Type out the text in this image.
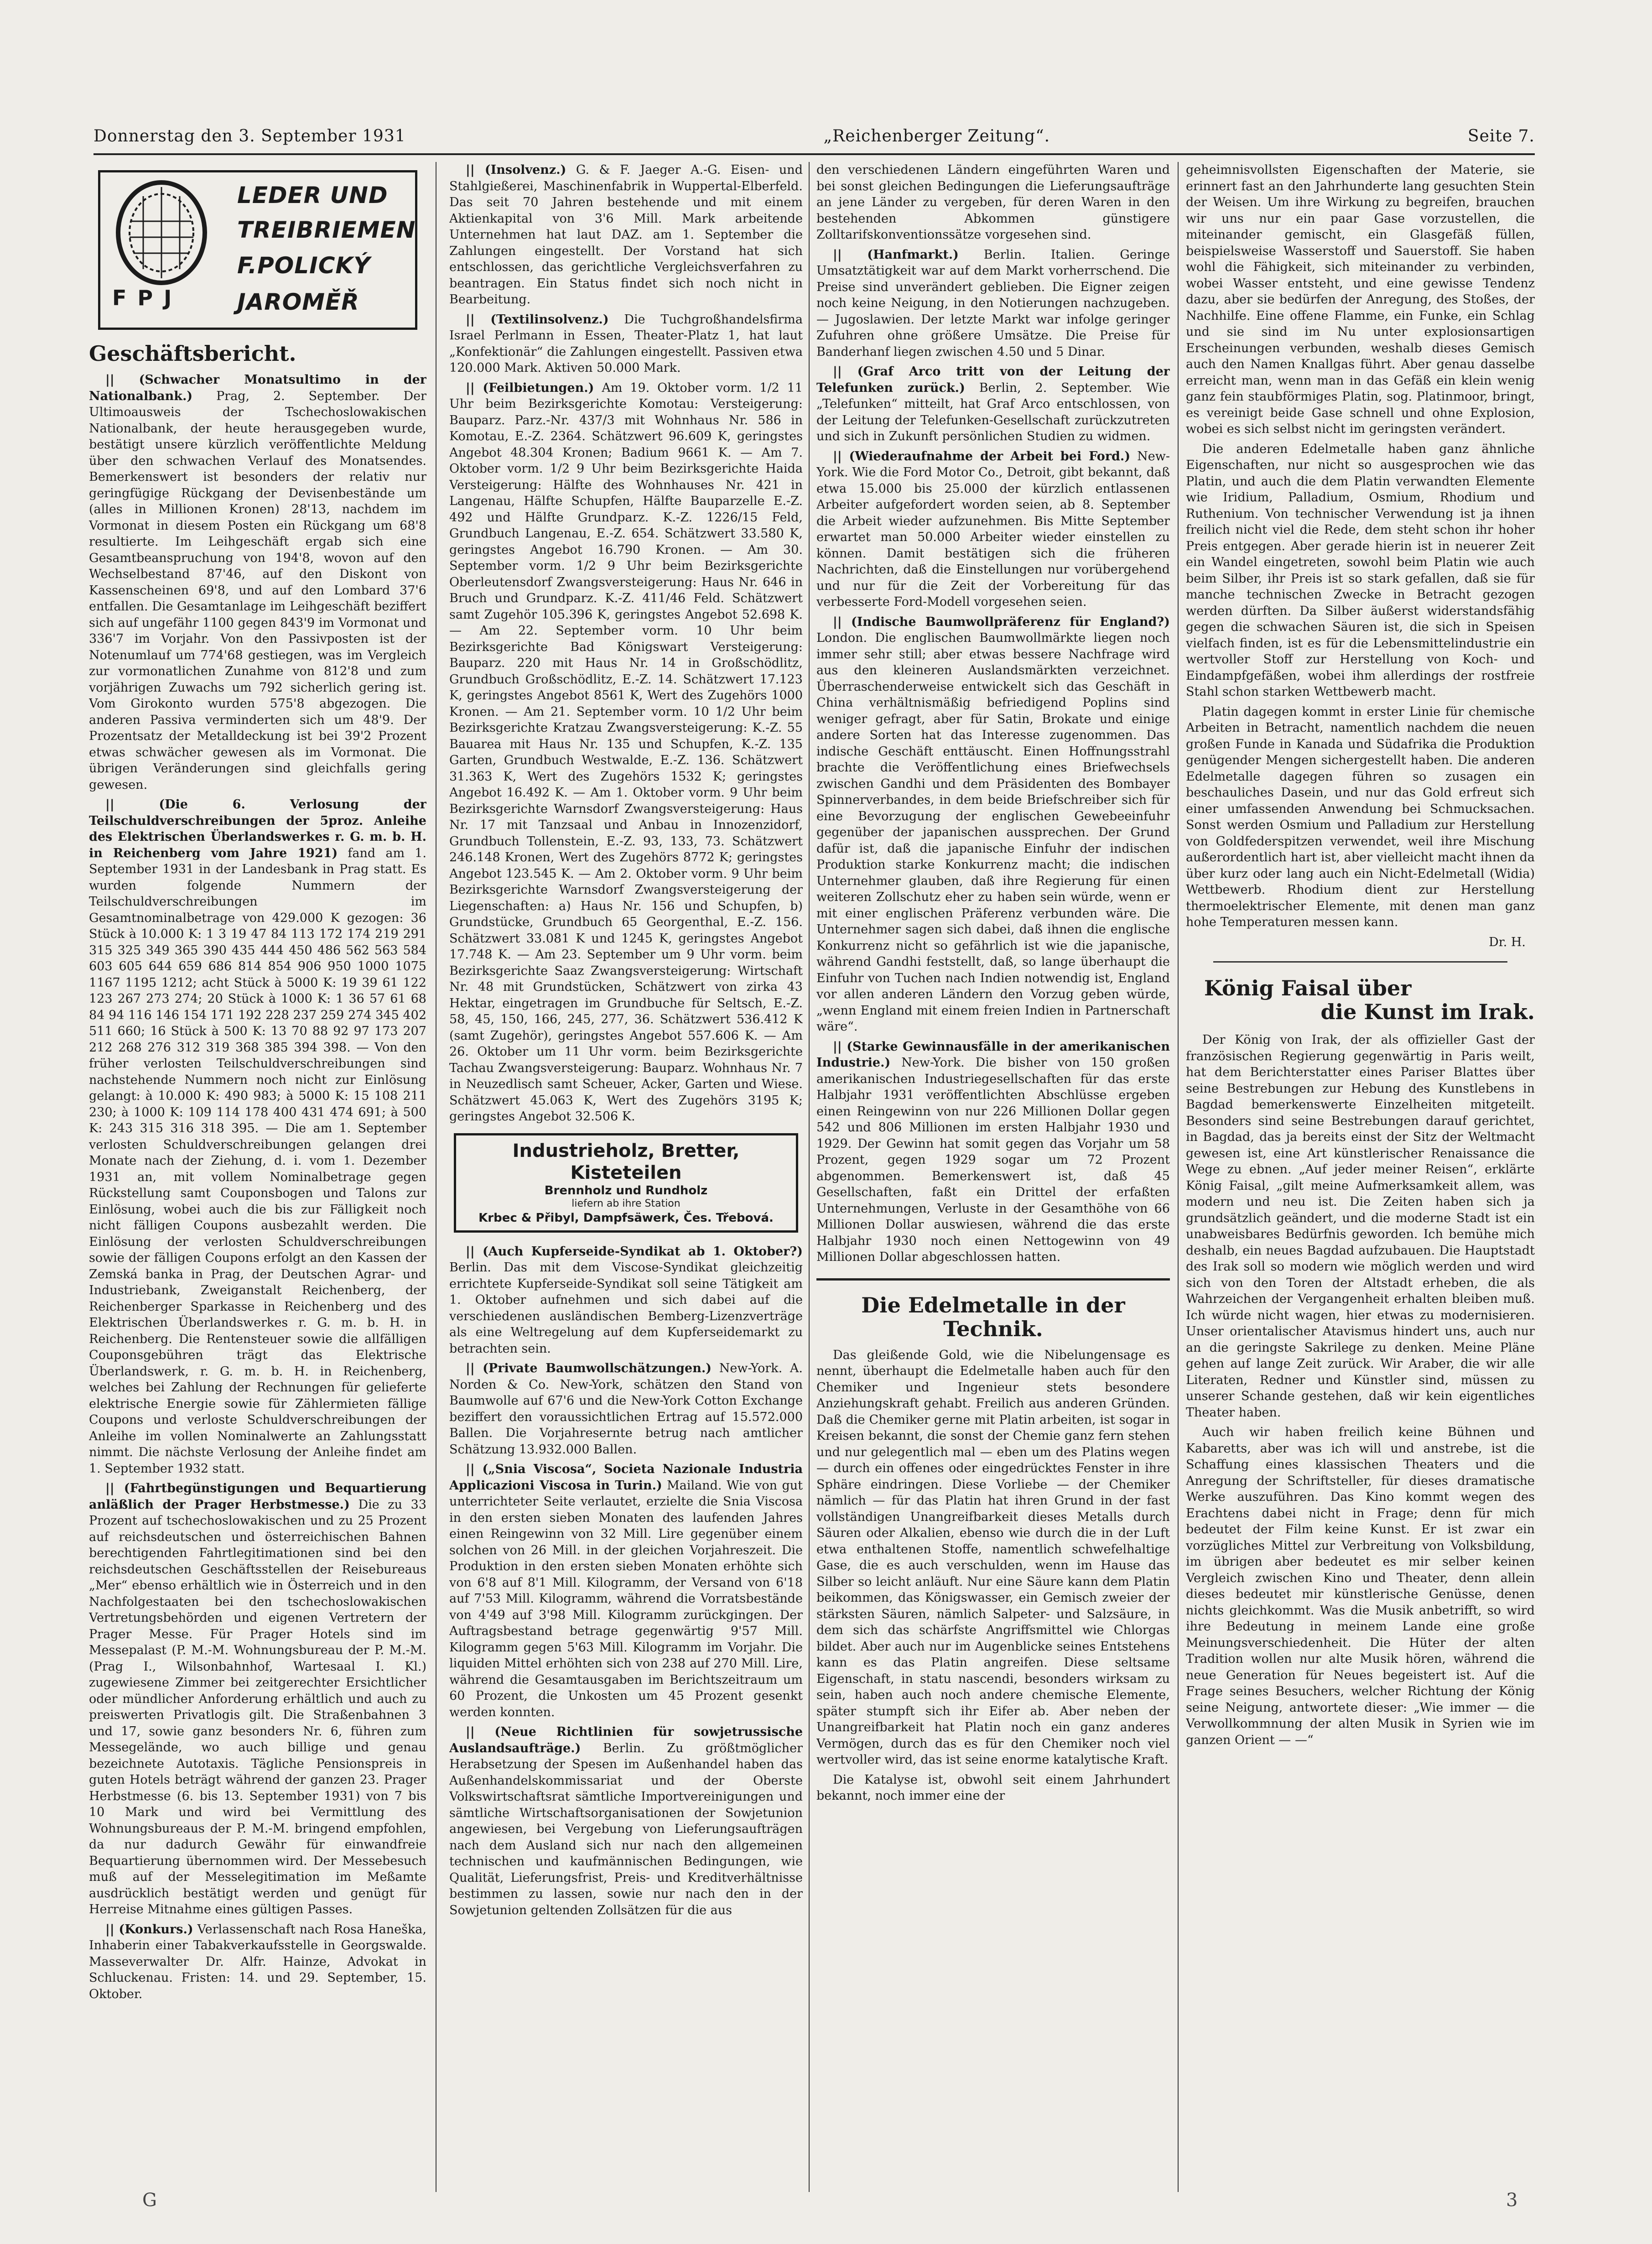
Donnerstag den 3. September 1931	„Reichenberger Zeitung“.	Seite 7.
LEDER UND
TREIBRIEMEN
F.POLICKÝ
JAROMĚŘ
FPJ
Geschäftsbericht.

|| (Schwacher Monatsultimo in der Nationalbank.) Prag, 2. September. Der Ultimoausweis der Tschechoslowakischen Nationalbank, der heute herausgegeben wurde, bestätigt unsere kürzlich veröffentlichte Meldung über den schwachen Verlauf des Monatsendes. Bemerkenswert ist besonders der relativ nur geringfügige Rückgang der Devisenbestände um (alles in Millionen Kronen) 28'13, nachdem im Vormonat in diesem Posten ein Rückgang um 68'8 resultierte. Im Leihgeschäft ergab sich eine Gesamtbeanspruchung von 194'8, wovon auf den Wechselbestand 87'46, auf den Diskont von Kassenscheinen 69'8, und auf den Lombard 37'6 entfallen. Die Gesamtanlage im Leihgeschäft beziffert sich auf ungefähr 1100 gegen 843'9 im Vormonat und 336'7 im Vorjahr. Von den Passivposten ist der Notenumlauf um 774'68 gestiegen, was im Vergleich zur vormonatlichen Zunahme von 812'8 und zum vorjährigen Zuwachs um 792 sicherlich gering ist. Vom Girokonto wurden 575'8 abgezogen. Die anderen Passiva verminderten sich um 48'9. Der Prozentsatz der Metalldeckung ist bei 39'2 Prozent etwas schwächer gewesen als im Vormonat. Die übrigen Veränderungen sind gleichfalls gering gewesen.

|| (Die 6. Verlosung der Teilschuldverschreibungen der 5proz. Anleihe des Elektrischen Überlandswerkes r. G. m. b. H. in Reichenberg vom Jahre 1921) fand am 1. September 1931 in der Landesbank in Prag statt. Es wurden folgende Nummern der Teilschuldverschreibungen im Gesamtnominalbetrage von 429.000 K gezogen: 36 Stück à 10.000 K: 1 3 19 47 84 113 172 174 219 291 315 325 349 365 390 435 444 450 486 562 563 584 603 605 644 659 686 814 854 906 950 1000 1075 1167 1195 1212; acht Stück à 5000 K: 19 39 61 122 123 267 273 274; 20 Stück à 1000 K: 1 36 57 61 68 84 94 116 146 154 171 192 228 237 259 274 345 402 511 660; 16 Stück à 500 K: 13 70 88 92 97 173 207 212 268 276 312 319 368 385 394 398. — Von den früher verlosten Teilschuldverschreibungen sind nachstehende Nummern noch nicht zur Einlösung gelangt: à 10.000 K: 490 983; à 5000 K: 15 108 211 230; à 1000 K: 109 114 178 400 431 474 691; à 500 K: 243 315 316 318 395. — Die am 1. September verlosten Schuldverschreibungen gelangen drei Monate nach der Ziehung, d. i. vom 1. Dezember 1931 an, mit vollem Nominalbetrage gegen Rückstellung samt Couponsbogen und Talons zur Einlösung, wobei auch die bis zur Fälligkeit noch nicht fälligen Coupons ausbezahlt werden. Die Einlösung der verlosten Schuldverschreibungen sowie der fälligen Coupons erfolgt an den Kassen der Zemská banka in Prag, der Deutschen Agrar- und Industriebank, Zweiganstalt Reichenberg, der Reichenberger Sparkasse in Reichenberg und des Elektrischen Überlandswerkes r. G. m. b. H. in Reichenberg. Die Rentensteuer sowie die allfälligen Couponsgebühren trägt das Elektrische Überlandswerk, r. G. m. b. H. in Reichenberg, welches bei Zahlung der Rechnungen für gelieferte elektrische Energie sowie für Zählermieten fällige Coupons und verloste Schuldverschreibungen der Anleihe im vollen Nominalwerte an Zahlungsstatt nimmt. Die nächste Verlosung der Anleihe findet am 1. September 1932 statt.

|| (Fahrtbegünstigungen und Bequartierung anläßlich der Prager Herbstmesse.) Die zu 33 Prozent auf tschechoslowakischen und zu 25 Prozent auf reichsdeutschen und österreichischen Bahnen berechtigenden Fahrtlegitimationen sind bei den reichsdeutschen Geschäftsstellen der Reisebureaus „Mer“ ebenso erhältlich wie in Österreich und in den Nachfolgestaaten bei den tschechoslowakischen Vertretungsbehörden und eigenen Vertretern der Prager Messe. Für Prager Hotels sind im Messepalast (P. M.-M. Wohnungsbureau der P. M.-M. (Prag I., Wilsonbahnhof, Wartesaal I. Kl.) zugewiesene Zimmer bei zeitgerechter Ersichtlicher oder mündlicher Anforderung erhältlich und auch zu preiswerten Privatlogis gilt. Die Straßenbahnen 3 und 17, sowie ganz besonders Nr. 6, führen zum Messegelände, wo auch billige und genau bezeichnete Autotaxis. Tägliche Pensionspreis in guten Hotels beträgt während der ganzen 23. Prager Herbstmesse (6. bis 13. September 1931) von 7 bis 10 Mark und wird bei Vermittlung des Wohnungsbureaus der P. M.-M. bringend empfohlen, da nur dadurch Gewähr für einwandfreie Bequartierung übernommen wird. Der Messebesuch muß auf der Messelegitimation im Meßamte ausdrücklich bestätigt werden und genügt für Herreise Mitnahme eines gültigen Passes.

|| (Konkurs.) Verlassenschaft nach Rosa Haneška, Inhaberin einer Tabakverkaufsstelle in Georgswalde. Masseverwalter Dr. Alfr. Hainze, Advokat in Schluckenau. Fristen: 14. und 29. September, 15. Oktober.

|| (Insolvenz.) G. & F. Jaeger A.-G. Eisen- und Stahlgießerei, Maschinenfabrik in Wuppertal-Elberfeld. Das seit 70 Jahren bestehende und mit einem Aktienkapital von 3'6 Mill. Mark arbeitende Unternehmen hat laut DAZ. am 1. September die Zahlungen eingestellt. Der Vorstand hat sich entschlossen, das gerichtliche Vergleichsverfahren zu beantragen. Ein Status findet sich noch nicht in Bearbeitung.

|| (Textilinsolvenz.) Die Tuchgroßhandelsfirma Israel Perlmann in Essen, Theater-Platz 1, hat laut „Konfektionär“ die Zahlungen eingestellt. Passiven etwa 120.000 Mark. Aktiven 50.000 Mark.

|| (Feilbietungen.) Am 19. Oktober vorm. 1/2 11 Uhr beim Bezirksgerichte Komotau: Versteigerung: Bauparz. Parz.-Nr. 437/3 mit Wohnhaus Nr. 586 in Komotau, E.-Z. 2364. Schätzwert 96.609 K, geringstes Angebot 48.304 Kronen; Badium 9661 K. — Am 7. Oktober vorm. 1/2 9 Uhr beim Bezirksgerichte Haida Versteigerung: Hälfte des Wohnhauses Nr. 421 in Langenau, Hälfte Schupfen, Hälfte Bauparzelle E.-Z. 492 und Hälfte Grundparz. K.-Z. 1226/15 Feld, Grundbuch Langenau, E.-Z. 654. Schätzwert 33.580 K, geringstes Angebot 16.790 Kronen. — Am 30. September vorm. 1/2 9 Uhr beim Bezirksgerichte Oberleutensdorf Zwangsversteigerung: Haus Nr. 646 in Bruch und Grundparz. K.-Z. 411/46 Feld. Schätzwert samt Zugehör 105.396 K, geringstes Angebot 52.698 K. — Am 22. September vorm. 10 Uhr beim Bezirksgerichte Bad Königswart Versteigerung: Bauparz. 220 mit Haus Nr. 14 in Großschödlitz, Grundbuch Großschödlitz, E.-Z. 14. Schätzwert 17.123 K, geringstes Angebot 8561 K, Wert des Zugehörs 1000 Kronen. — Am 21. September vorm. 10 1/2 Uhr beim Bezirksgerichte Kratzau Zwangsversteigerung: K.-Z. 55 Bauarea mit Haus Nr. 135 und Schupfen, K.-Z. 135 Garten, Grundbuch Westwalde, E.-Z. 136. Schätzwert 31.363 K, Wert des Zugehörs 1532 K; geringstes Angebot 16.492 K. — Am 1. Oktober vorm. 9 Uhr beim Bezirksgerichte Warnsdorf Zwangsversteigerung: Haus Nr. 17 mit Tanzsaal und Anbau in Innozenzidorf, Grundbuch Tollenstein, E.-Z. 93, 133, 73. Schätzwert 246.148 Kronen, Wert des Zugehörs 8772 K; geringstes Angebot 123.545 K. — Am 2. Oktober vorm. 9 Uhr beim Bezirksgerichte Warnsdorf Zwangsversteigerung der Liegenschaften: a) Haus Nr. 156 und Schupfen, b) Grundstücke, Grundbuch 65 Georgenthal, E.-Z. 156. Schätzwert 33.081 K und 1245 K, geringstes Angebot 17.748 K. — Am 23. September um 9 Uhr vorm. beim Bezirksgerichte Saaz Zwangsversteigerung: Wirtschaft Nr. 48 mit Grundstücken, Schätzwert von zirka 43 Hektar, eingetragen im Grundbuche für Seltsch, E.-Z. 58, 45, 150, 166, 245, 277, 36. Schätzwert 536.412 K (samt Zugehör), geringstes Angebot 557.606 K. — Am 26. Oktober um 11 Uhr vorm. beim Bezirksgerichte Tachau Zwangsversteigerung: Bauparz. Wohnhaus Nr. 7 in Neuzedlisch samt Scheuer, Acker, Garten und Wiese. Schätzwert 45.063 K, Wert des Zugehörs 3195 K; geringstes Angebot 32.506 K.

Industrieholz, Bretter, Kisteteilen
Brennholz und Rundholz
liefern ab ihre Station
Krbec & Přibyl, Dampfsäwerk, Čes. Třebová.

|| (Auch Kupferseide-Syndikat ab 1. Oktober?) Berlin. Das mit dem Viscose-Syndikat gleichzeitig errichtete Kupferseide-Syndikat soll seine Tätigkeit am 1. Oktober aufnehmen und sich dabei auf die verschiedenen ausländischen Bemberg-Lizenzverträge als eine Weltregelung auf dem Kupferseidemarkt zu betrachten sein.

|| (Private Baumwollschätzungen.) New-York. A. Norden & Co. New-York, schätzen den Stand von Baumwolle auf 67'6 und die New-York Cotton Exchange beziffert den voraussichtlichen Ertrag auf 15.572.000 Ballen. Die Vorjahresernte betrug nach amtlicher Schätzung 13.932.000 Ballen.

|| („Snia Viscosa“, Societa Nazionale Industria Applicazioni Viscosa in Turin.) Mailand. Wie von gut unterrichteter Seite verlautet, erzielte die Snia Viscosa in den ersten sieben Monaten des laufenden Jahres einen Reingewinn von 32 Mill. Lire gegenüber einem solchen von 26 Mill. in der gleichen Vorjahreszeit. Die Produktion in den ersten sieben Monaten erhöhte sich von 6'8 auf 8'1 Mill. Kilogramm, der Versand von 6'18 auf 7'53 Mill. Kilogramm, während die Vorratsbestände von 4'49 auf 3'98 Mill. Kilogramm zurückgingen. Der Auftragsbestand betrage gegenwärtig 9'57 Mill. Kilogramm gegen 5'63 Mill. Kilogramm im Vorjahr. Die liquiden Mittel erhöhten sich von 238 auf 270 Mill. Lire, während die Gesamtausgaben im Berichtszeitraum um 60 Prozent, die Unkosten um 45 Prozent gesenkt werden konnten.

|| (Neue Richtlinien für sowjetrussische Auslandsaufträge.) Berlin. Zu größtmöglicher Herabsetzung der Spesen im Außenhandel haben das Außenhandelskommissariat und der Oberste Volkswirtschaftsrat sämtliche Importvereinigungen und sämtliche Wirtschaftsorganisationen der Sowjetunion angewiesen, bei Vergebung von Lieferungsaufträgen nach dem Ausland sich nur nach den allgemeinen technischen und kaufmännischen Bedingungen, wie Qualität, Lieferungsfrist, Preis- und Kreditverhältnisse bestimmen zu lassen, sowie nur nach den in der Sowjetunion geltenden Zollsätzen für die aus

den verschiedenen Ländern eingeführten Waren und bei sonst gleichen Bedingungen die Lieferungsaufträge an jene Länder zu vergeben, für deren Waren in den bestehenden Abkommen günstigere Zolltarifskonventionssätze vorgesehen sind.

|| (Hanfmarkt.) Berlin. Italien. Geringe Umsatztätigkeit war auf dem Markt vorherrschend. Die Preise sind unverändert geblieben. Die Eigner zeigen noch keine Neigung, in den Notierungen nachzugeben. — Jugoslawien. Der letzte Markt war infolge geringer Zufuhren ohne größere Umsätze. Die Preise für Banderhanf liegen zwischen 4.50 und 5 Dinar.

|| (Graf Arco tritt von der Leitung der Telefunken zurück.) Berlin, 2. September. Wie „Telefunken“ mitteilt, hat Graf Arco entschlossen, von der Leitung der Telefunken-Gesellschaft zurückzutreten und sich in Zukunft persönlichen Studien zu widmen.

|| (Wiederaufnahme der Arbeit bei Ford.) New-York. Wie die Ford Motor Co., Detroit, gibt bekannt, daß etwa 15.000 bis 25.000 der kürzlich entlassenen Arbeiter aufgefordert worden seien, ab 8. September die Arbeit wieder aufzunehmen. Bis Mitte September erwartet man 50.000 Arbeiter wieder einstellen zu können. Damit bestätigen sich die früheren Nachrichten, daß die Einstellungen nur vorübergehend und nur für die Zeit der Vorbereitung für das verbesserte Ford-Modell vorgesehen seien.

|| (Indische Baumwollpräferenz für England?) London. Die englischen Baumwollmärkte liegen noch immer sehr still; aber etwas bessere Nachfrage wird aus den kleineren Auslandsmärkten verzeichnet. Überraschenderweise entwickelt sich das Geschäft in China verhältnismäßig befriedigend Poplins sind weniger gefragt, aber für Satin, Brokate und einige andere Sorten hat das Interesse zugenommen. Das indische Geschäft enttäuscht. Einen Hoffnungsstrahl brachte die Veröffentlichung eines Briefwechsels zwischen Gandhi und dem Präsidenten des Bombayer Spinnerverbandes, in dem beide Briefschreiber sich für eine Bevorzugung der englischen Gewebeeinfuhr gegenüber der japanischen aussprechen. Der Grund dafür ist, daß die japanische Einfuhr der indischen Produktion starke Konkurrenz macht; die indischen Unternehmer glauben, daß ihre Regierung für einen weiteren Zollschutz eher zu haben sein würde, wenn er mit einer englischen Präferenz verbunden wäre. Die Unternehmer sagen sich dabei, daß ihnen die englische Konkurrenz nicht so gefährlich ist wie die japanische, während Gandhi feststellt, daß, so lange überhaupt die Einfuhr von Tuchen nach Indien notwendig ist, England vor allen anderen Ländern den Vorzug geben würde, „wenn England mit einem freien Indien in Partnerschaft wäre“.

|| (Starke Gewinnausfälle in der amerikanischen Industrie.) New-York. Die bisher von 150 großen amerikanischen Industriegesellschaften für das erste Halbjahr 1931 veröffentlichten Abschlüsse ergeben einen Reingewinn von nur 226 Millionen Dollar gegen 542 und 806 Millionen im ersten Halbjahr 1930 und 1929. Der Gewinn hat somit gegen das Vorjahr um 58 Prozent, gegen 1929 sogar um 72 Prozent abgenommen. Bemerkenswert ist, daß 45 Gesellschaften, faßt ein Drittel der erfaßten Unternehmungen, Verluste in der Gesamthöhe von 66 Millionen Dollar auswiesen, während die das erste Halbjahr 1930 noch einen Nettogewinn von 49 Millionen Dollar abgeschlossen hatten.

Die Edelmetalle in der Technik.

Das gleißende Gold, wie die Nibelungensage es nennt, überhaupt die Edelmetalle haben auch für den Chemiker und Ingenieur stets besondere Anziehungskraft gehabt. Freilich aus anderen Gründen. Daß die Chemiker gerne mit Platin arbeiten, ist sogar in Kreisen bekannt, die sonst der Chemie ganz fern stehen und nur gelegentlich mal — eben um des Platins wegen — durch ein offenes oder eingedrücktes Fenster in ihre Sphäre eindringen. Diese Vorliebe — der Chemiker nämlich — für das Platin hat ihren Grund in der fast vollständigen Unangreifbarkeit dieses Metalls durch Säuren oder Alkalien, ebenso wie durch die in der Luft etwa enthaltenen Stoffe, namentlich schwefelhaltige Gase, die es auch verschulden, wenn im Hause das Silber so leicht anläuft. Nur eine Säure kann dem Platin beikommen, das Königswasser, ein Gemisch zweier der stärksten Säuren, nämlich Salpeter- und Salzsäure, in dem sich das schärfste Angriffsmittel wie Chlorgas bildet. Aber auch nur im Augenblicke seines Entstehens kann es das Platin angreifen. Diese seltsame Eigenschaft, in statu nascendi, besonders wirksam zu sein, haben auch noch andere chemische Elemente, später stumpft sich ihr Eifer ab. Aber neben der Unangreifbarkeit hat Platin noch ein ganz anderes Vermögen, durch das es für den Chemiker noch viel wertvoller wird, das ist seine enorme katalytische Kraft.

Die Katalyse ist, obwohl seit einem Jahrhundert bekannt, noch immer eine der

geheimnisvollsten Eigenschaften der Materie, sie erinnert fast an den Jahrhunderte lang gesuchten Stein der Weisen. Um ihre Wirkung zu begreifen, brauchen wir uns nur ein paar Gase vorzustellen, die miteinander gemischt, ein Glasgefäß füllen, beispielsweise Wasserstoff und Sauerstoff. Sie haben wohl die Fähigkeit, sich miteinander zu verbinden, wobei Wasser entsteht, und eine gewisse Tendenz dazu, aber sie bedürfen der Anregung, des Stoßes, der Nachhilfe. Eine offene Flamme, ein Funke, ein Schlag und sie sind im Nu unter explosionsartigen Erscheinungen verbunden, weshalb dieses Gemisch auch den Namen Knallgas führt. Aber genau dasselbe erreicht man, wenn man in das Gefäß ein klein wenig ganz fein staubförmiges Platin, sog. Platinmoor, bringt, es vereinigt beide Gase schnell und ohne Explosion, wobei es sich selbst nicht im geringsten verändert.

Die anderen Edelmetalle haben ganz ähnliche Eigenschaften, nur nicht so ausgesprochen wie das Platin, und auch die dem Platin verwandten Elemente wie Iridium, Palladium, Osmium, Rhodium und Ruthenium. Von technischer Verwendung ist ja ihnen freilich nicht viel die Rede, dem steht schon ihr hoher Preis entgegen. Aber gerade hierin ist in neuerer Zeit ein Wandel eingetreten, sowohl beim Platin wie auch beim Silber, ihr Preis ist so stark gefallen, daß sie für manche technischen Zwecke in Betracht gezogen werden dürften. Da Silber äußerst widerstandsfähig gegen die schwachen Säuren ist, die sich in Speisen vielfach finden, ist es für die Lebensmittelindustrie ein wertvoller Stoff zur Herstellung von Koch- und Eindampfgefäßen, wobei ihm allerdings der rostfreie Stahl schon starken Wettbewerb macht.

Platin dagegen kommt in erster Linie für chemische Arbeiten in Betracht, namentlich nachdem die neuen großen Funde in Kanada und Südafrika die Produktion genügender Mengen sichergestellt haben. Die anderen Edelmetalle dagegen führen so zusagen ein beschauliches Dasein, und nur das Gold erfreut sich einer umfassenden Anwendung bei Schmucksachen. Sonst werden Osmium und Palladium zur Herstellung von Goldfederspitzen verwendet, weil ihre Mischung außerordentlich hart ist, aber vielleicht macht ihnen da über kurz oder lang auch ein Nicht-Edelmetall (Widia) Wettbewerb. Rhodium dient zur Herstellung thermoelektrischer Elemente, mit denen man ganz hohe Temperaturen messen kann.

Dr. H.
König Faisal über
die Kunst im Irak.

Der König von Irak, der als offizieller Gast der französischen Regierung gegenwärtig in Paris weilt, hat dem Berichterstatter eines Pariser Blattes über seine Bestrebungen zur Hebung des Kunstlebens in Bagdad bemerkenswerte Einzelheiten mitgeteilt. Besonders sind seine Bestrebungen darauf gerichtet, in Bagdad, das ja bereits einst der Sitz der Weltmacht gewesen ist, eine Art künstlerischer Renaissance die Wege zu ebnen. „Auf jeder meiner Reisen“, erklärte König Faisal, „gilt meine Aufmerksamkeit allem, was modern und neu ist. Die Zeiten haben sich ja grundsätzlich geändert, und die moderne Stadt ist ein unabweisbares Bedürfnis geworden. Ich bemühe mich deshalb, ein neues Bagdad aufzubauen. Die Hauptstadt des Irak soll so modern wie möglich werden und wird sich von den Toren der Altstadt erheben, die als Wahrzeichen der Vergangenheit erhalten bleiben muß. Ich würde nicht wagen, hier etwas zu modernisieren. Unser orientalischer Atavismus hindert uns, auch nur an die geringste Sakrilege zu denken. Meine Pläne gehen auf lange Zeit zurück. Wir Araber, die wir alle Literaten, Redner und Künstler sind, müssen zu unserer Schande gestehen, daß wir kein eigentliches Theater haben.

Auch wir haben freilich keine Bühnen und Kabaretts, aber was ich will und anstrebe, ist die Schaffung eines klassischen Theaters und die Anregung der Schriftsteller, für dieses dramatische Werke auszuführen. Das Kino kommt wegen des Erachtens dabei nicht in Frage; denn für mich bedeutet der Film keine Kunst. Er ist zwar ein vorzügliches Mittel zur Verbreitung von Volksbildung, im übrigen aber bedeutet es mir selber keinen Vergleich zwischen Kino und Theater, denn allein dieses bedeutet mir künstlerische Genüsse, denen nichts gleichkommt. Was die Musik anbetrifft, so wird ihre Bedeutung in meinem Lande eine große Meinungsverschiedenheit. Die Hüter der alten Tradition wollen nur alte Musik hören, während die neue Generation für Neues begeistert ist. Auf die Frage seines Besuchers, welcher Richtung der König seine Neigung, antwortete dieser: „Wie immer — die Verwollkommnung der alten Musik in Syrien wie im ganzen Orient — —“

G	3
